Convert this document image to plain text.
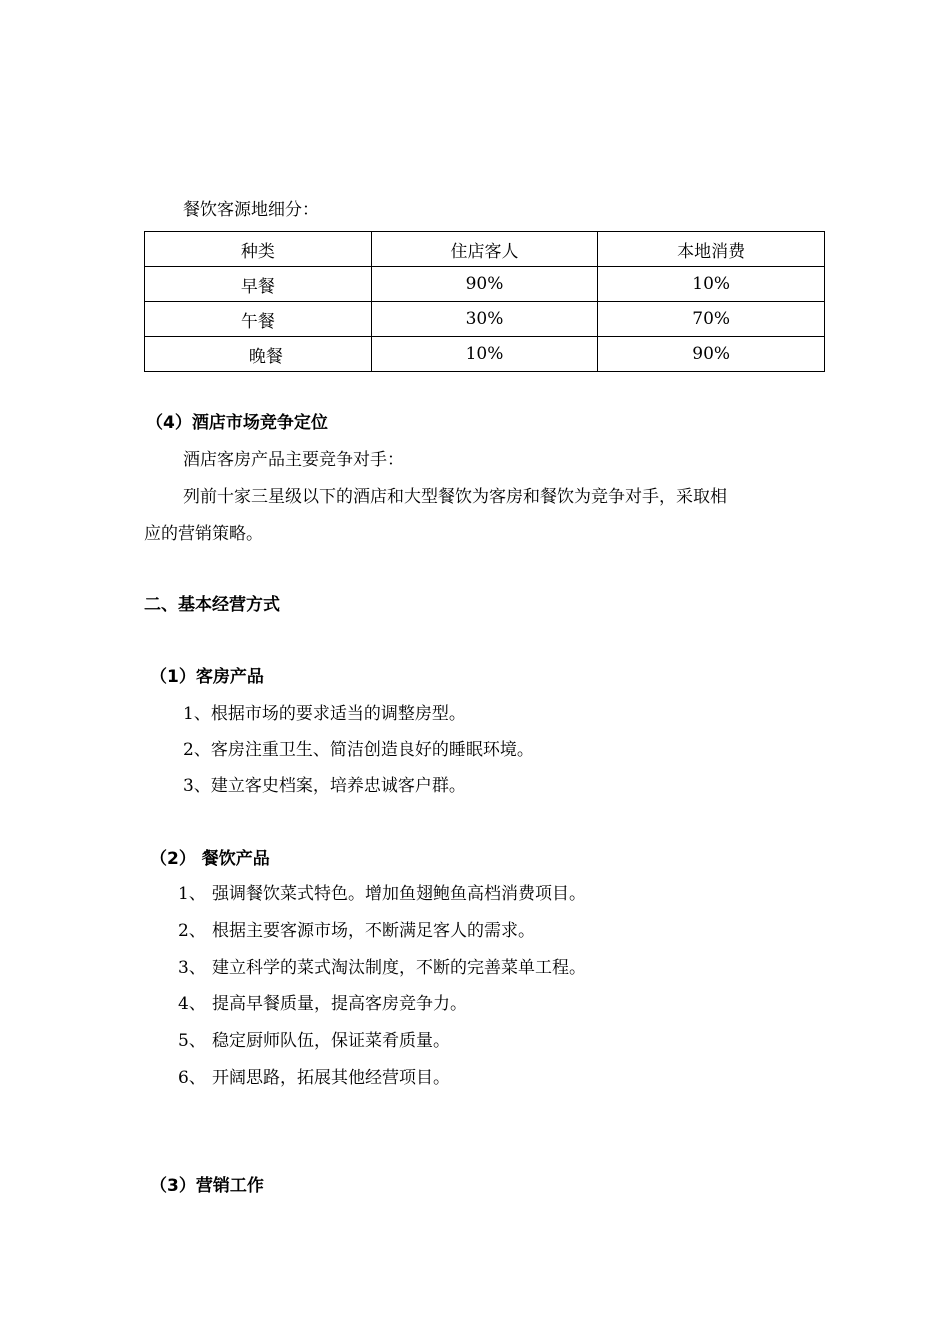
餐饮客源地细分：
种类	住店客人	本地消费
早餐	90%	10%
午餐	30%	70%
晚餐	10%	90%
（4）酒店市场竞争定位
酒店客房产品主要竞争对手：
列前十家三星级以下的酒店和大型餐饮为客房和餐饮为竞争对手，采取相
应的营销策略。
二、基本经营方式
（1）客房产品
1、根据市场的要求适当的调整房型。
2、客房注重卫生、简洁创造良好的睡眠环境。
3、建立客史档案，培养忠诚客户群。
（2） 餐饮产品
1、 强调餐饮菜式特色。增加鱼翅鲍鱼高档消费项目。
2、 根据主要客源市场，不断满足客人的需求。
3、 建立科学的菜式淘汰制度，不断的完善菜单工程。
4、 提高早餐质量，提高客房竞争力。
5、 稳定厨师队伍，保证菜肴质量。
6、 开阔思路，拓展其他经营项目。
（3）营销工作
